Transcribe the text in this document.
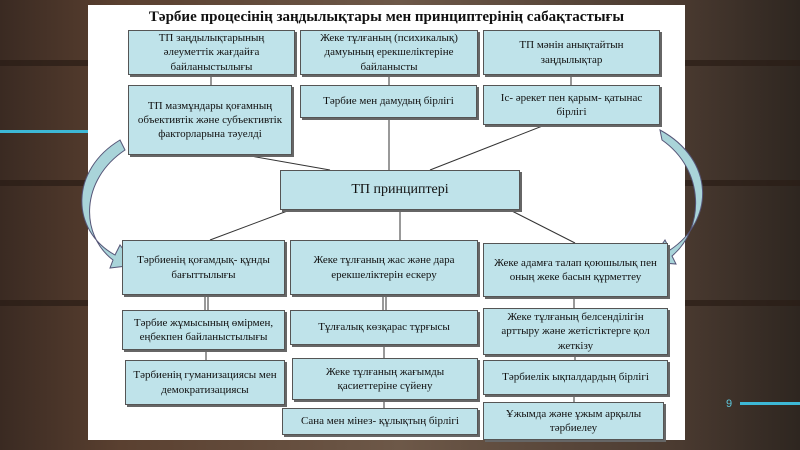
Тәрбие процесінің заңдылықтары мен принциптерінің сабақтастығы
ТП заңдылықтарының әлеуметтік жағдайға байланыстылығы
Жеке тұлғаның (психикалық) дамуының ерекшеліктеріне байланысты
ТП мәнін анықтайтын заңдылықтар
ТП мазмұндары қоғамның объективтік және субъективтік факторларына тәуелді
Тәрбие мен дамудың бірлігі	Іс- әрекет пен қарым- қатынас бірлігі
ТП принциптері
Тәрбиенің қоғамдық- құнды бағыттылығы
Тәрбие жұмысының өмірмен, еңбекпен байланыстылығы
Тәрбиенің гуманизациясы мен демократизациясы
Жеке тұлғаның жас және дара ерекшеліктерін ескеру
Тұлғалық көзқарас тұрғысы
Жеке тұлғаның жағымды қасиеттеріне сүйену
Сана мен мінез- құлықтың бірлігі
Жеке адамға талап қоюшылық пен оның жеке басын құрметтеу
Жеке тұлғаның белсенділігін арттыру және жетістіктерге қол жеткізу
Тәрбиелік ықпалдардың бірлігі
Ұжымда және ұжым арқылы тәрбиелеу
9
